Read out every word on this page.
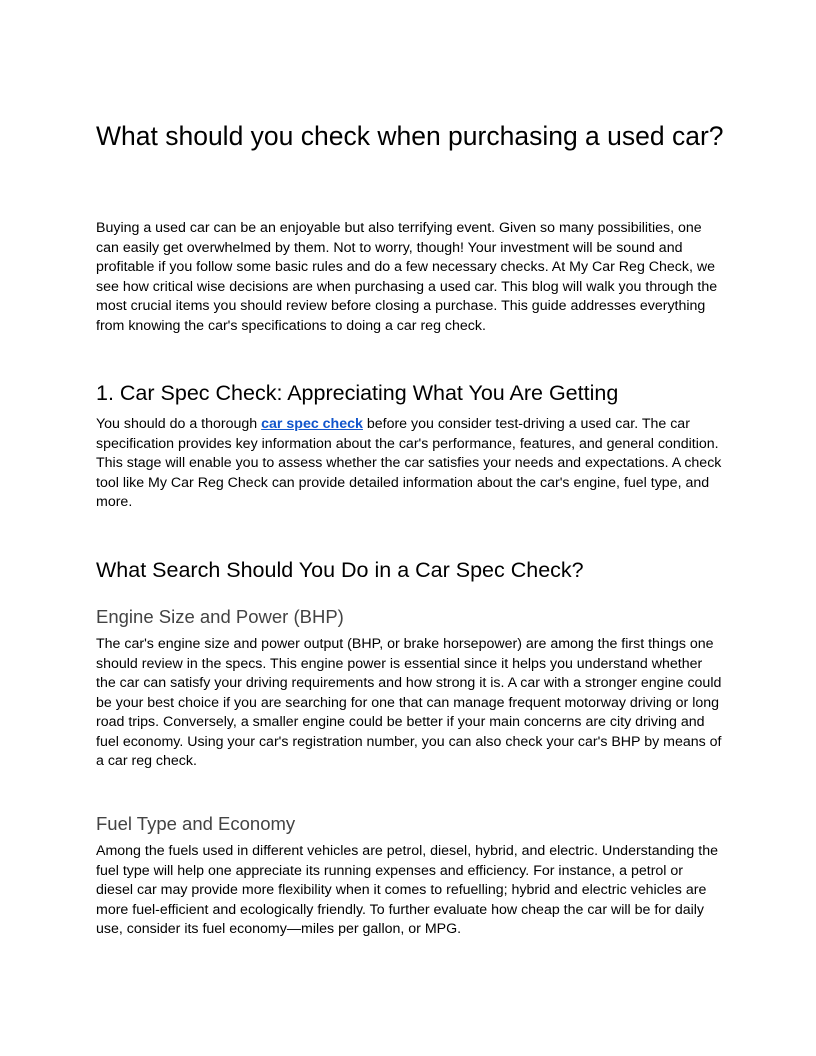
What should you check when purchasing a used car?

Buying a used car can be an enjoyable but also terrifying event. Given so many possibilities, one can easily get overwhelmed by them. Not to worry, though! Your investment will be sound and profitable if you follow some basic rules and do a few necessary checks. At My Car Reg Check, we see how critical wise decisions are when purchasing a used car. This blog will walk you through the most crucial items you should review before closing a purchase. This guide addresses everything from knowing the car's specifications to doing a car reg check.

1. Car Spec Check: Appreciating What You Are Getting

You should do a thorough car spec check before you consider test-driving a used car. The car specification provides key information about the car's performance, features, and general condition. This stage will enable you to assess whether the car satisfies your needs and expectations. A check tool like My Car Reg Check can provide detailed information about the car's engine, fuel type, and more.

What Search Should You Do in a Car Spec Check?
Engine Size and Power (BHP)

The car's engine size and power output (BHP, or brake horsepower) are among the first things one should review in the specs. This engine power is essential since it helps you understand whether the car can satisfy your driving requirements and how strong it is. A car with a stronger engine could be your best choice if you are searching for one that can manage frequent motorway driving or long road trips. Conversely, a smaller engine could be better if your main concerns are city driving and fuel economy. Using your car's registration number, you can also check your car's BHP by means of a car reg check.

Fuel Type and Economy

Among the fuels used in different vehicles are petrol, diesel, hybrid, and electric. Understanding the fuel type will help one appreciate its running expenses and efficiency. For instance, a petrol or diesel car may provide more flexibility when it comes to refuelling; hybrid and electric vehicles are more fuel-efficient and ecologically friendly. To further evaluate how cheap the car will be for daily use, consider its fuel economy—miles per gallon, or MPG.
